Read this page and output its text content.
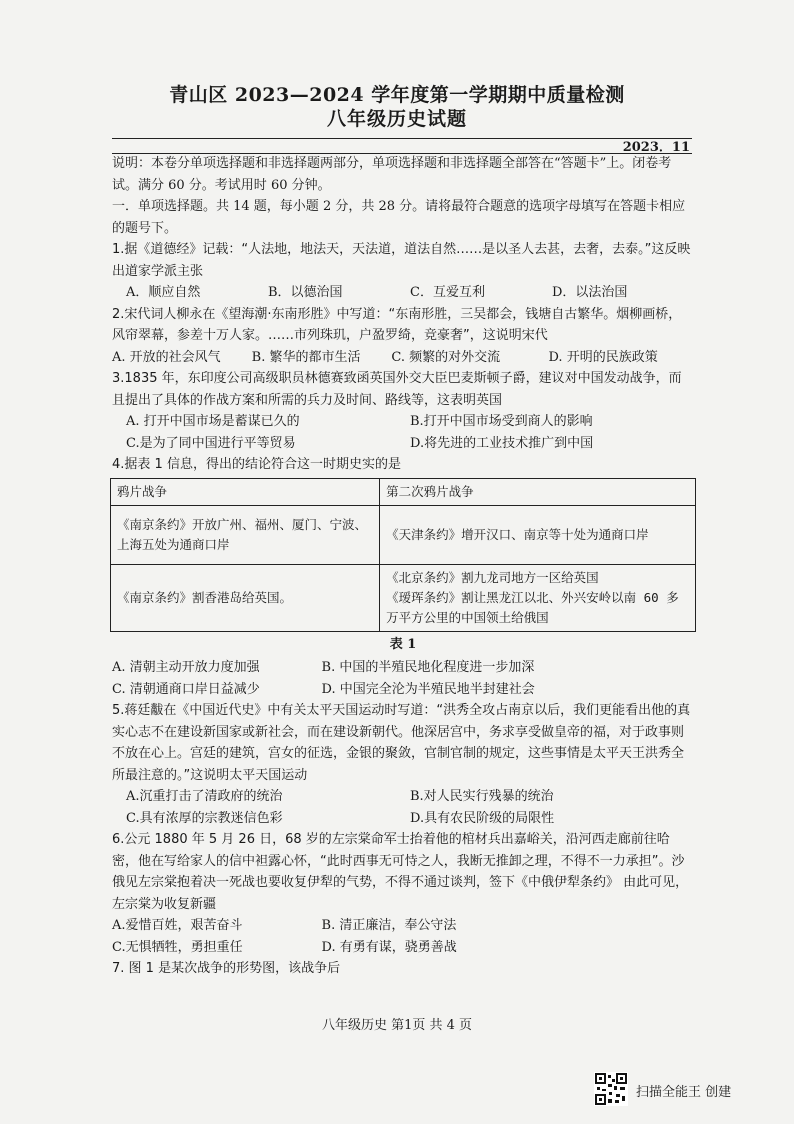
青山区 2023—2024 学年度第一学期期中质量检测
八年级历史试题
2023．11

说明：本卷分单项选择题和非选择题两部分，单项选择题和非选择题全部答在“答题卡”上。闭卷考试。满分 60 分。考试用时 60 分钟。

一．单项选择题。共 14 题，每小题 2 分，共 28 分。请将最符合题意的选项字母填写在答题卡相应的题号下。

1.据《道德经》记载：“人法地，地法天，天法道，道法自然……是以圣人去甚，去奢，去泰。”这反映出道家学派主张

A．顺应自然	B．以德治国	C．互爱互利	D．以法治国

2.宋代词人柳永在《望海潮·东南形胜》中写道：“东南形胜，三吴都会，钱塘自古繁华。烟柳画桥，风帘翠幕，参差十万人家。……市列珠玑，户盈罗绮，竞豪奢”，这说明宋代

A. 开放的社会风气	B. 繁华的都市生活	C. 频繁的对外交流	D. 开明的民族政策

3.1835 年，东印度公司高级职员林德赛致函英国外交大臣巴麦斯顿子爵，建议对中国发动战争，而且提出了具体的作战方案和所需的兵力及时间、路线等，这表明英国

A. 打开中国市场是蓄谋已久的	B.打开中国市场受到商人的影响
C.是为了同中国进行平等贸易	D.将先进的工业技术推广到中国

4.据表 1 信息，得出的结论符合这一时期史实的是

鸦片战争	第二次鸦片战争
《南京条约》开放广州、福州、厦门、宁波、上海五处为通商口岸	《天津条约》增开汉口、南京等十处为通商口岸
《南京条约》割香港岛给英国。	《北京条约》割九龙司地方一区给英国
《瑷珲条约》割让黑龙江以北、外兴安岭以南 60 多万平方公里的中国领土给俄国
表 1
A. 清朝主动开放力度加强	B. 中国的半殖民地化程度进一步加深
C. 清朝通商口岸日益减少	D. 中国完全沦为半殖民地半封建社会

5.蒋廷黻在《中国近代史》中有关太平天国运动时写道：“洪秀全攻占南京以后，我们更能看出他的真实心志不在建设新国家或新社会，而在建设新朝代。他深居宫中，务求享受做皇帝的福，对于政事则不放在心上。宫廷的建筑，宫女的征选，金银的聚敛，官制官制的规定，这些事情是太平天王洪秀全所最注意的。”这说明太平天国运动

A.沉重打击了清政府的统治	B.对人民实行残暴的统治
C.具有浓厚的宗教迷信色彩	D.具有农民阶级的局限性

6.公元 1880 年 5 月 26 日，68 岁的左宗棠命军士抬着他的棺材兵出嘉峪关，沿河西走廊前往哈密，他在写给家人的信中袒露心怀，“此时西事无可恃之人，我断无推卸之理，不得不一力承担”。沙俄见左宗棠抱着决一死战也要收复伊犁的气势，不得不通过谈判，签下《中俄伊犁条约》 由此可见，左宗棠为收复新疆

A.爱惜百姓，艰苦奋斗	B. 清正廉洁，奉公守法
C.无惧牺牲，勇担重任	D. 有勇有谋，骁勇善战

7. 图 1 是某次战争的形势图，该战争后

八年级历史 第1页 共 4 页
扫描全能王 创建
